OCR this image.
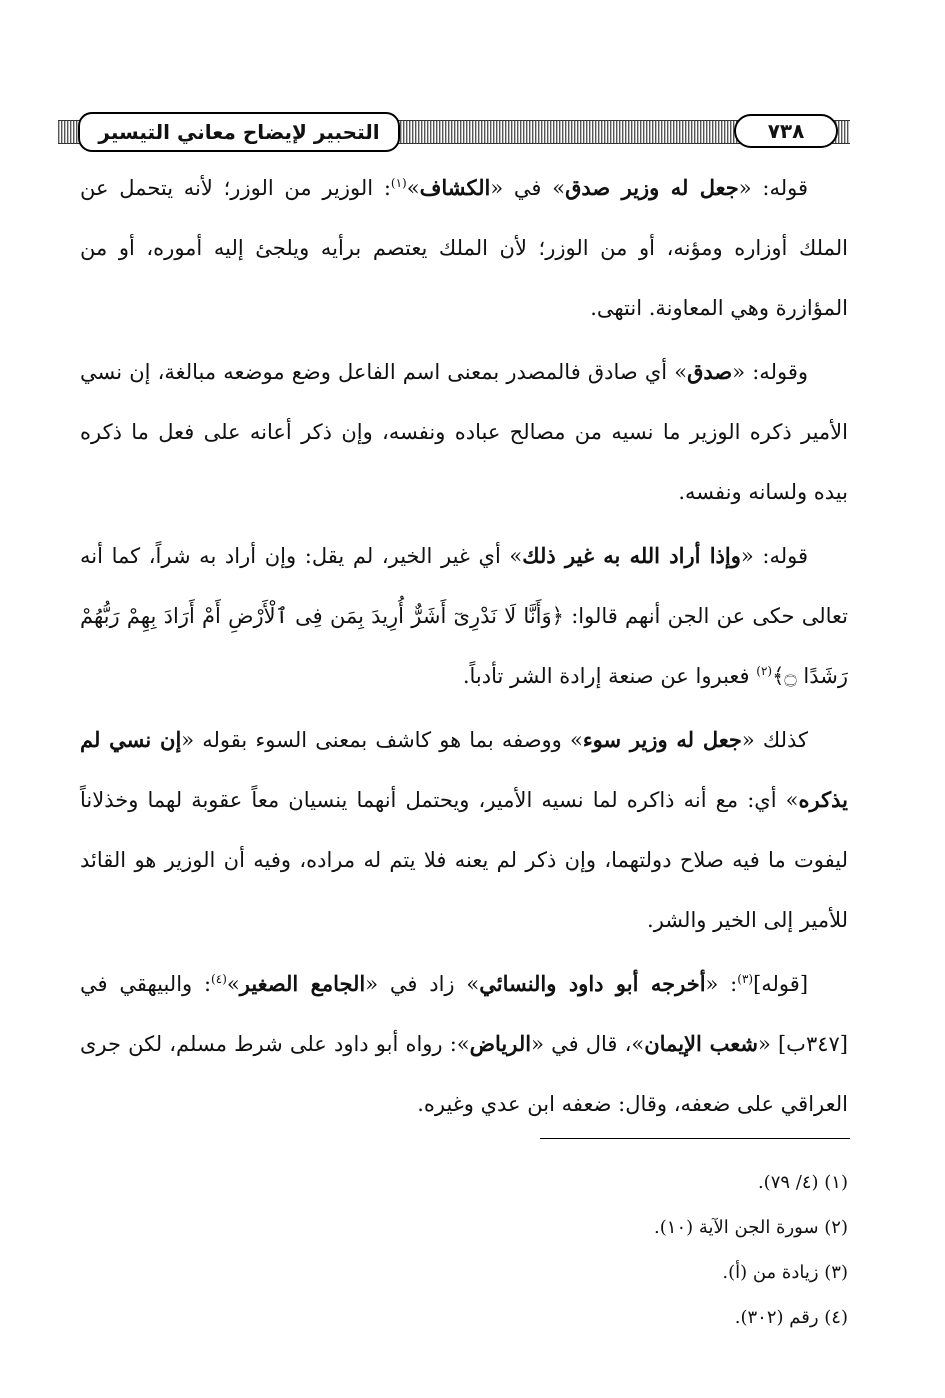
التحبير لإيضاح معاني التيسير	٧٣٨

قوله: «جعل له وزير صدق» في «الكشاف»$^{(١)}$: الوزير من الوزر؛ لأنه يتحمل عن الملك أوزاره ومؤنه، أو من الوزر؛ لأن الملك يعتصم برأيه ويلجئ إليه أموره، أو من المؤازرة وهي المعاونة. انتهى.

وقوله: «صدق» أي صادق فالمصدر بمعنى اسم الفاعل وضع موضعه مبالغة، إن نسي الأمير ذكره الوزير ما نسيه من مصالح عباده ونفسه، وإن ذكر أعانه على فعل ما ذكره بيده ولسانه ونفسه.

قوله: «وإذا أراد الله به غير ذلك» أي غير الخير، لم يقل: وإن أراد به شراً، كما أنه تعالى حكى عن الجن أنهم قالوا: ﴿وَأَنَّا لَا نَدْرِىٓ أَشَرٌّ أُرِيدَ بِمَن فِى ٱلْأَرْضِ أَمْ أَرَادَ بِهِمْ رَبُّهُمْ رَشَدًا ۝﴾$^{(٢)}$ فعبروا عن صنعة إرادة الشر تأدباً.

كذلك «جعل له وزير سوء» ووصفه بما هو كاشف بمعنى السوء بقوله «إن نسي لم يذكره» أي: مع أنه ذاكره لما نسيه الأمير، ويحتمل أنهما ينسيان معاً عقوبة لهما وخذلاناً ليفوت ما فيه صلاح دولتهما، وإن ذكر لم يعنه فلا يتم له مراده، وفيه أن الوزير هو القائد للأمير إلى الخير والشر.

[قوله]$^{(٣)}$: «أخرجه أبو داود والنسائي» زاد في «الجامع الصغير»$^{(٤)}$: والبيهقي في [٣٤٧ب] «شعب الإيمان»، قال في «الرياض»: رواه أبو داود على شرط مسلم، لكن جرى العراقي على ضعفه، وقال: ضعفه ابن عدي وغيره.

(١) (٤/ ٧٩).
(٢) سورة الجن الآية (١٠).
(٣) زيادة من (أ).
(٤) رقم (٣٠٢).
